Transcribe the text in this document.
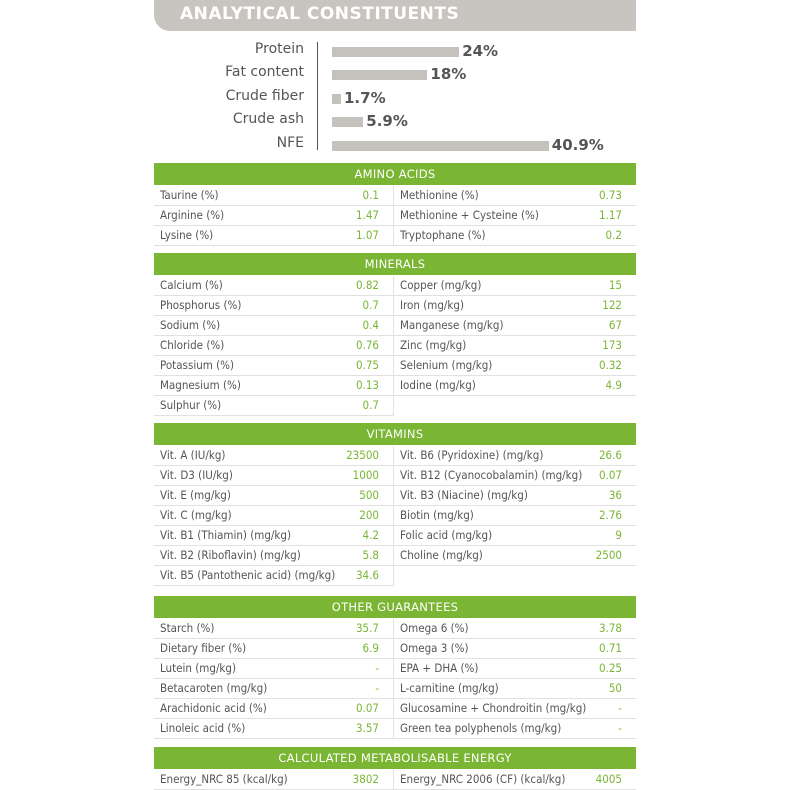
ANALYTICAL CONSTITUENTS
Protein	24%
Fat content	18%
Crude fiber	1.7%
Crude ash	5.9%
NFE	40.9%
AMINO ACIDS
Taurine (%)	0.1 Methionine (%)	0.73
Arginine (%)	1.47 Methionine + Cysteine (%)	1.17
Lysine (%)	1.07 Tryptophane (%)	0.2
MINERALS
Calcium (%)	0.82 Copper (mg/kg)	15
Phosphorus (%)	0.7 Iron (mg/kg)	122
Sodium (%)	0.4 Manganese (mg/kg)	67
Chloride (%)	0.76 Zinc (mg/kg)	173
Potassium (%)	0.75 Selenium (mg/kg)	0.32
Magnesium (%)	0.13 Iodine (mg/kg)	4.9
Sulphur (%)	0.7
VITAMINS
Vit. A (IU/kg)	23500 Vit. B6 (Pyridoxine) (mg/kg)	26.6
Vit. D3 (IU/kg)	1000 Vit. B12 (Cyanocobalamin) (mg/kg) 0.07
Vit. E (mg/kg)	500 Vit. B3 (Niacine) (mg/kg)	36
Vit. C (mg/kg)	200 Biotin (mg/kg)	2.76
Vit. B1 (Thiamin) (mg/kg)	4.2 Folic acid (mg/kg)	9
Vit. B2 (Riboflavin) (mg/kg)	5.8 Choline (mg/kg)	2500
Vit. B5 (Pantothenic acid) (mg/kg) 34.6
OTHER GUARANTEES
Starch (%)	35.7 Omega 6 (%)	3.78
Dietary fiber (%)	6.9 Omega 3 (%)	0.71
Lutein (mg/kg)	- EPA + DHA (%)	0.25
Betacaroten (mg/kg)	- L-carnitine (mg/kg)	50
Arachidonic acid (%)	0.07 Glucosamine + Chondroitin (mg/kg)	-
Linoleic acid (%)	3.57 Green tea polyphenols (mg/kg)	-
CALCULATED METABOLISABLE ENERGY
Energy_NRC 85 (kcal/kg)	3802 Energy_NRC 2006 (CF) (kcal/kg)	4005
